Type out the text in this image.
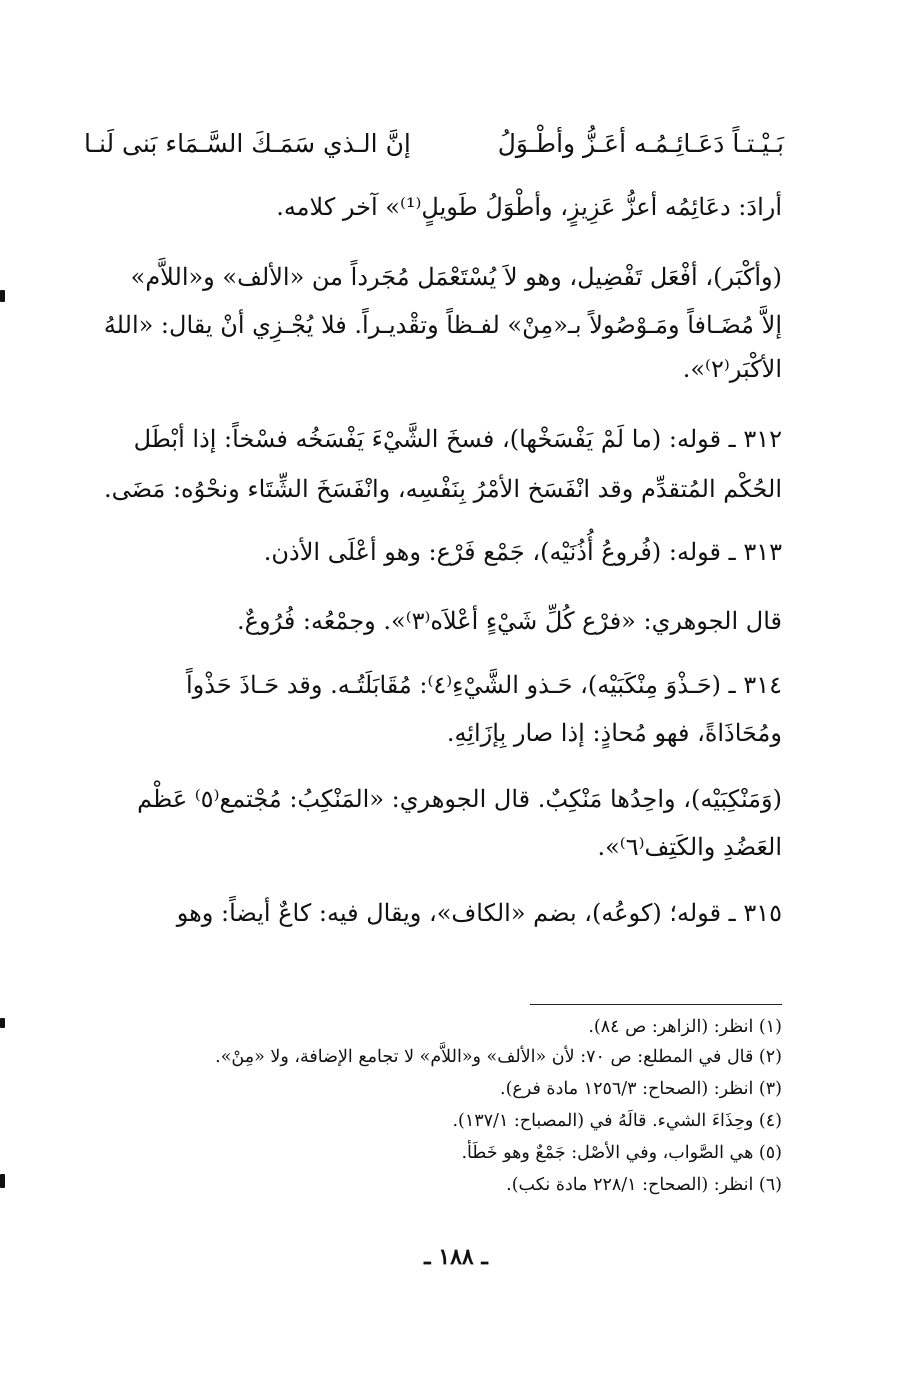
إنَّ الـذي سَمَـكَ السَّـمَاء بَنى لَنـا	بَـيْـتـاً دَعَـائِـمُـه أعَـزُّ وأطْـوَلُ
أرادَ: دعَائِمُه أعزُّ عَزِيزٍ، وأطْوَلُ طَويلٍ⁽¹⁾» آخر كلامه.
(وأكْبَر)، أفْعَل تَفْضِيل، وهو لاَ يُسْتَعْمَل مُجَرداً من «الألف» و«اللاَّم»
إلاَّ مُضَـافاً ومَـوْصُولاً بـ«مِنْ» لفـظاً وتقْديـراً. فلا يُجْـزِي أنْ يقال: «اللهُ
الأكْبَر⁽٢⁾».
٣١٢ ـ قوله: (ما لَمْ يَفْسَخْها)، فسخَ الشَّيْءَ يَفْسَخُه فسْخاً: إذا أبْطَل
الحُكْم المُتقدِّم وقد انْفَسَخ الأمْرُ بِنَفْسِه، وانْفَسَخَ الشِّتَاء ونحْوُه: مَضَى.
٣١٣ ـ قوله: (فُروعُ أُذُنَيْه)، جَمْع فَرْع: وهو أعْلَى الأذن.
قال الجوهري: «فرْع كُلِّ شَيْءٍ أعْلاَه⁽٣⁾». وجمْعُه: فُرُوعٌ.
٣١٤ ـ (حَـذْوَ مِنْكَبَيْه)، حَـذو الشَّيْءِ⁽٤⁾: مُقَابَلَتُـه. وقد حَـاذَ حَذْواً
ومُحَاذَاةً، فهو مُحاذٍ: إذا صار بِإزَائِهِ.
(وَمَنْكِبَيْه)، واحِدُها مَنْكِبٌ. قال الجوهري: «المَنْكِبُ: مُجْتمع⁽٥⁾ عَظْم
العَضُدِ والكَتِف⁽٦⁾».
٣١٥ ـ قوله؛ (كوعُه)، بضم «الكاف»، ويقال فيه: كاعٌ أيضاً: وهو
(١) انظر: (الزاهر: ص ٨٤).
(٢) قال في المطلع: ص ٧٠: لأن «الألف» و«اللاَّم» لا تجامع الإضافة، ولا «مِنْ».
(٣) انظر: (الصحاح: ١٢٥٦/٣ مادة فرع).
(٤) وحِذَاءَ الشيء. قالَهُ في (المصباح: ١٣٧/١).
(٥) هي الصَّواب، وفي الأصْل: جَمْعٌ وهو خَطَأ.
(٦) انظر: (الصحاح: ٢٢٨/١ مادة نكب).
ـ ١٨٨ ـ
